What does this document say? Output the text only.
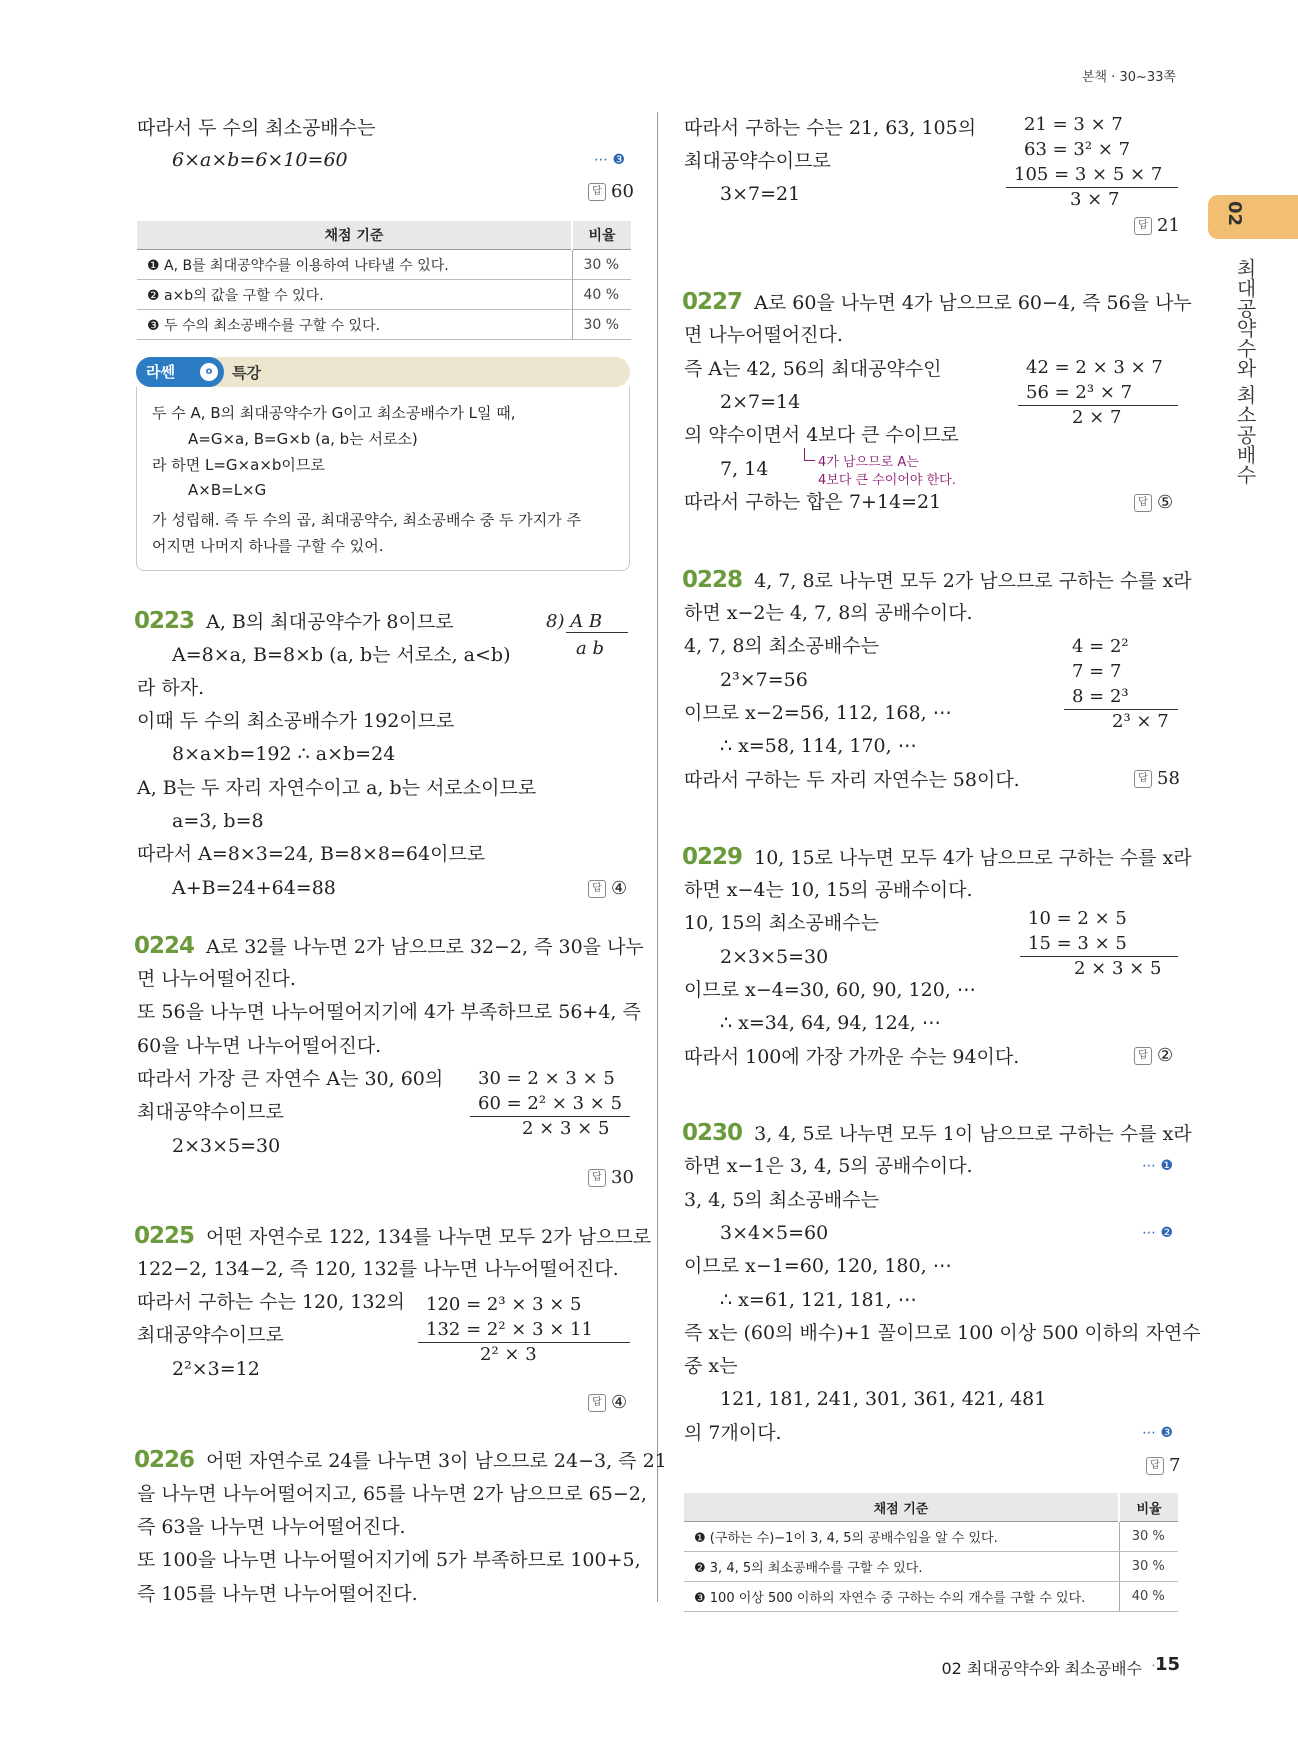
본책 · 30~33쪽
02
최대공약수와 최소공배수
따라서 두 수의 최소공배수는
6×a×b=6×10=60	⋯ ❸
답 60
채점 기준	비율
❶ A, B를 최대공약수를 이용하여 나타낼 수 있다.	30 %
❷ a×b의 값을 구할 수 있다.	40 %
❸ 두 수의 최소공배수를 구할 수 있다.	30 %
라쎈	o	특강
두 수 A, B의 최대공약수가 G이고 최소공배수가 L일 때,
A=G×a, B=G×b (a, b는 서로소)
라 하면 L=G×a×b이므로
A×B=L×G
가 성립해. 즉 두 수의 곱, 최대공약수, 최소공배수 중 두 가지가 주
어지면 나머지 하나를 구할 수 있어.
0223 A, B의 최대공약수가 8이므로
A=8×a, B=8×b (a, b는 서로소, a<b)
라 하자.
이때 두 수의 최소공배수가 192이므로
8×a×b=192 ∴ a×b=24
A, B는 두 자리 자연수이고 a, b는 서로소이므로
a=3, b=8
따라서 A=8×3=24, B=8×8=64이므로
A+B=24+64=88
8) A B
a b
답 ④
0224 A로 32를 나누면 2가 남으므로 32−2, 즉 30을 나누
면 나누어떨어진다.
또 56을 나누면 나누어떨어지기에 4가 부족하므로 56+4, 즉
60을 나누면 나누어떨어진다.
따라서 가장 큰 자연수 A는 30, 60의
최대공약수이므로
2×3×5=30
30 = 2 × 3 × 5
60 = 2² × 3 × 5
2 × 3 × 5
답 30
0225 어떤 자연수로 122, 134를 나누면 모두 2가 남으므로
122−2, 134−2, 즉 120, 132를 나누면 나누어떨어진다.
따라서 구하는 수는 120, 132의
최대공약수이므로
2²×3=12
120 = 2³ × 3 × 5
132 = 2² × 3 × 11
2² × 3
답 ④
0226 어떤 자연수로 24를 나누면 3이 남으므로 24−3, 즉 21
을 나누면 나누어떨어지고, 65를 나누면 2가 남으므로 65−2,
즉 63을 나누면 나누어떨어진다.
또 100을 나누면 나누어떨어지기에 5가 부족하므로 100+5,
즉 105를 나누면 나누어떨어진다.
따라서 구하는 수는 21, 63, 105의
최대공약수이므로
3×7=21
21 = 3 × 7
63 = 3² × 7
105 = 3 × 5 × 7
3 × 7
답 21
0227 A로 60을 나누면 4가 남으므로 60−4, 즉 56을 나누
면 나누어떨어진다.
즉 A는 42, 56의 최대공약수인
2×7=14
의 약수이면서 4보다 큰 수이므로
7, 14
따라서 구하는 합은 7+14=21
4가 남으므로 A는
4보다 큰 수이어야 한다.
42 = 2 × 3 × 7
56 = 2³ × 7
2 × 7
답 ⑤
0228 4, 7, 8로 나누면 모두 2가 남으므로 구하는 수를 x라
하면 x−2는 4, 7, 8의 공배수이다.
4, 7, 8의 최소공배수는
2³×7=56
이므로 x−2=56, 112, 168, ⋯
∴ x=58, 114, 170, ⋯
따라서 구하는 두 자리 자연수는 58이다.
4 = 2²
7 = 7
8 = 2³
2³ × 7
답 58
0229 10, 15로 나누면 모두 4가 남으므로 구하는 수를 x라
하면 x−4는 10, 15의 공배수이다.
10, 15의 최소공배수는
2×3×5=30
이므로 x−4=30, 60, 90, 120, ⋯
∴ x=34, 64, 94, 124, ⋯
따라서 100에 가장 가까운 수는 94이다.
10 = 2 × 5
15 = 3 × 5
2 × 3 × 5
답 ②
0230 3, 4, 5로 나누면 모두 1이 남으므로 구하는 수를 x라
하면 x−1은 3, 4, 5의 공배수이다.
3, 4, 5의 최소공배수는
3×4×5=60
이므로 x−1=60, 120, 180, ⋯
∴ x=61, 121, 181, ⋯
즉 x는 (60의 배수)+1 꼴이므로 100 이상 500 이하의 자연수
중 x는
121, 181, 241, 301, 361, 421, 481
의 7개이다.
⋯ ❶
⋯ ❷
⋯ ❸
답 7
채점 기준	비율
❶ (구하는 수)−1이 3, 4, 5의 공배수임을 알 수 있다.	30 %
❷ 3, 4, 5의 최소공배수를 구할 수 있다.	30 %
❸ 100 이상 500 이하의 자연수 중 구하는 수의 개수를 구할 수 있다.	40 %
02 최대공약수와 최소공배수 ·
15
